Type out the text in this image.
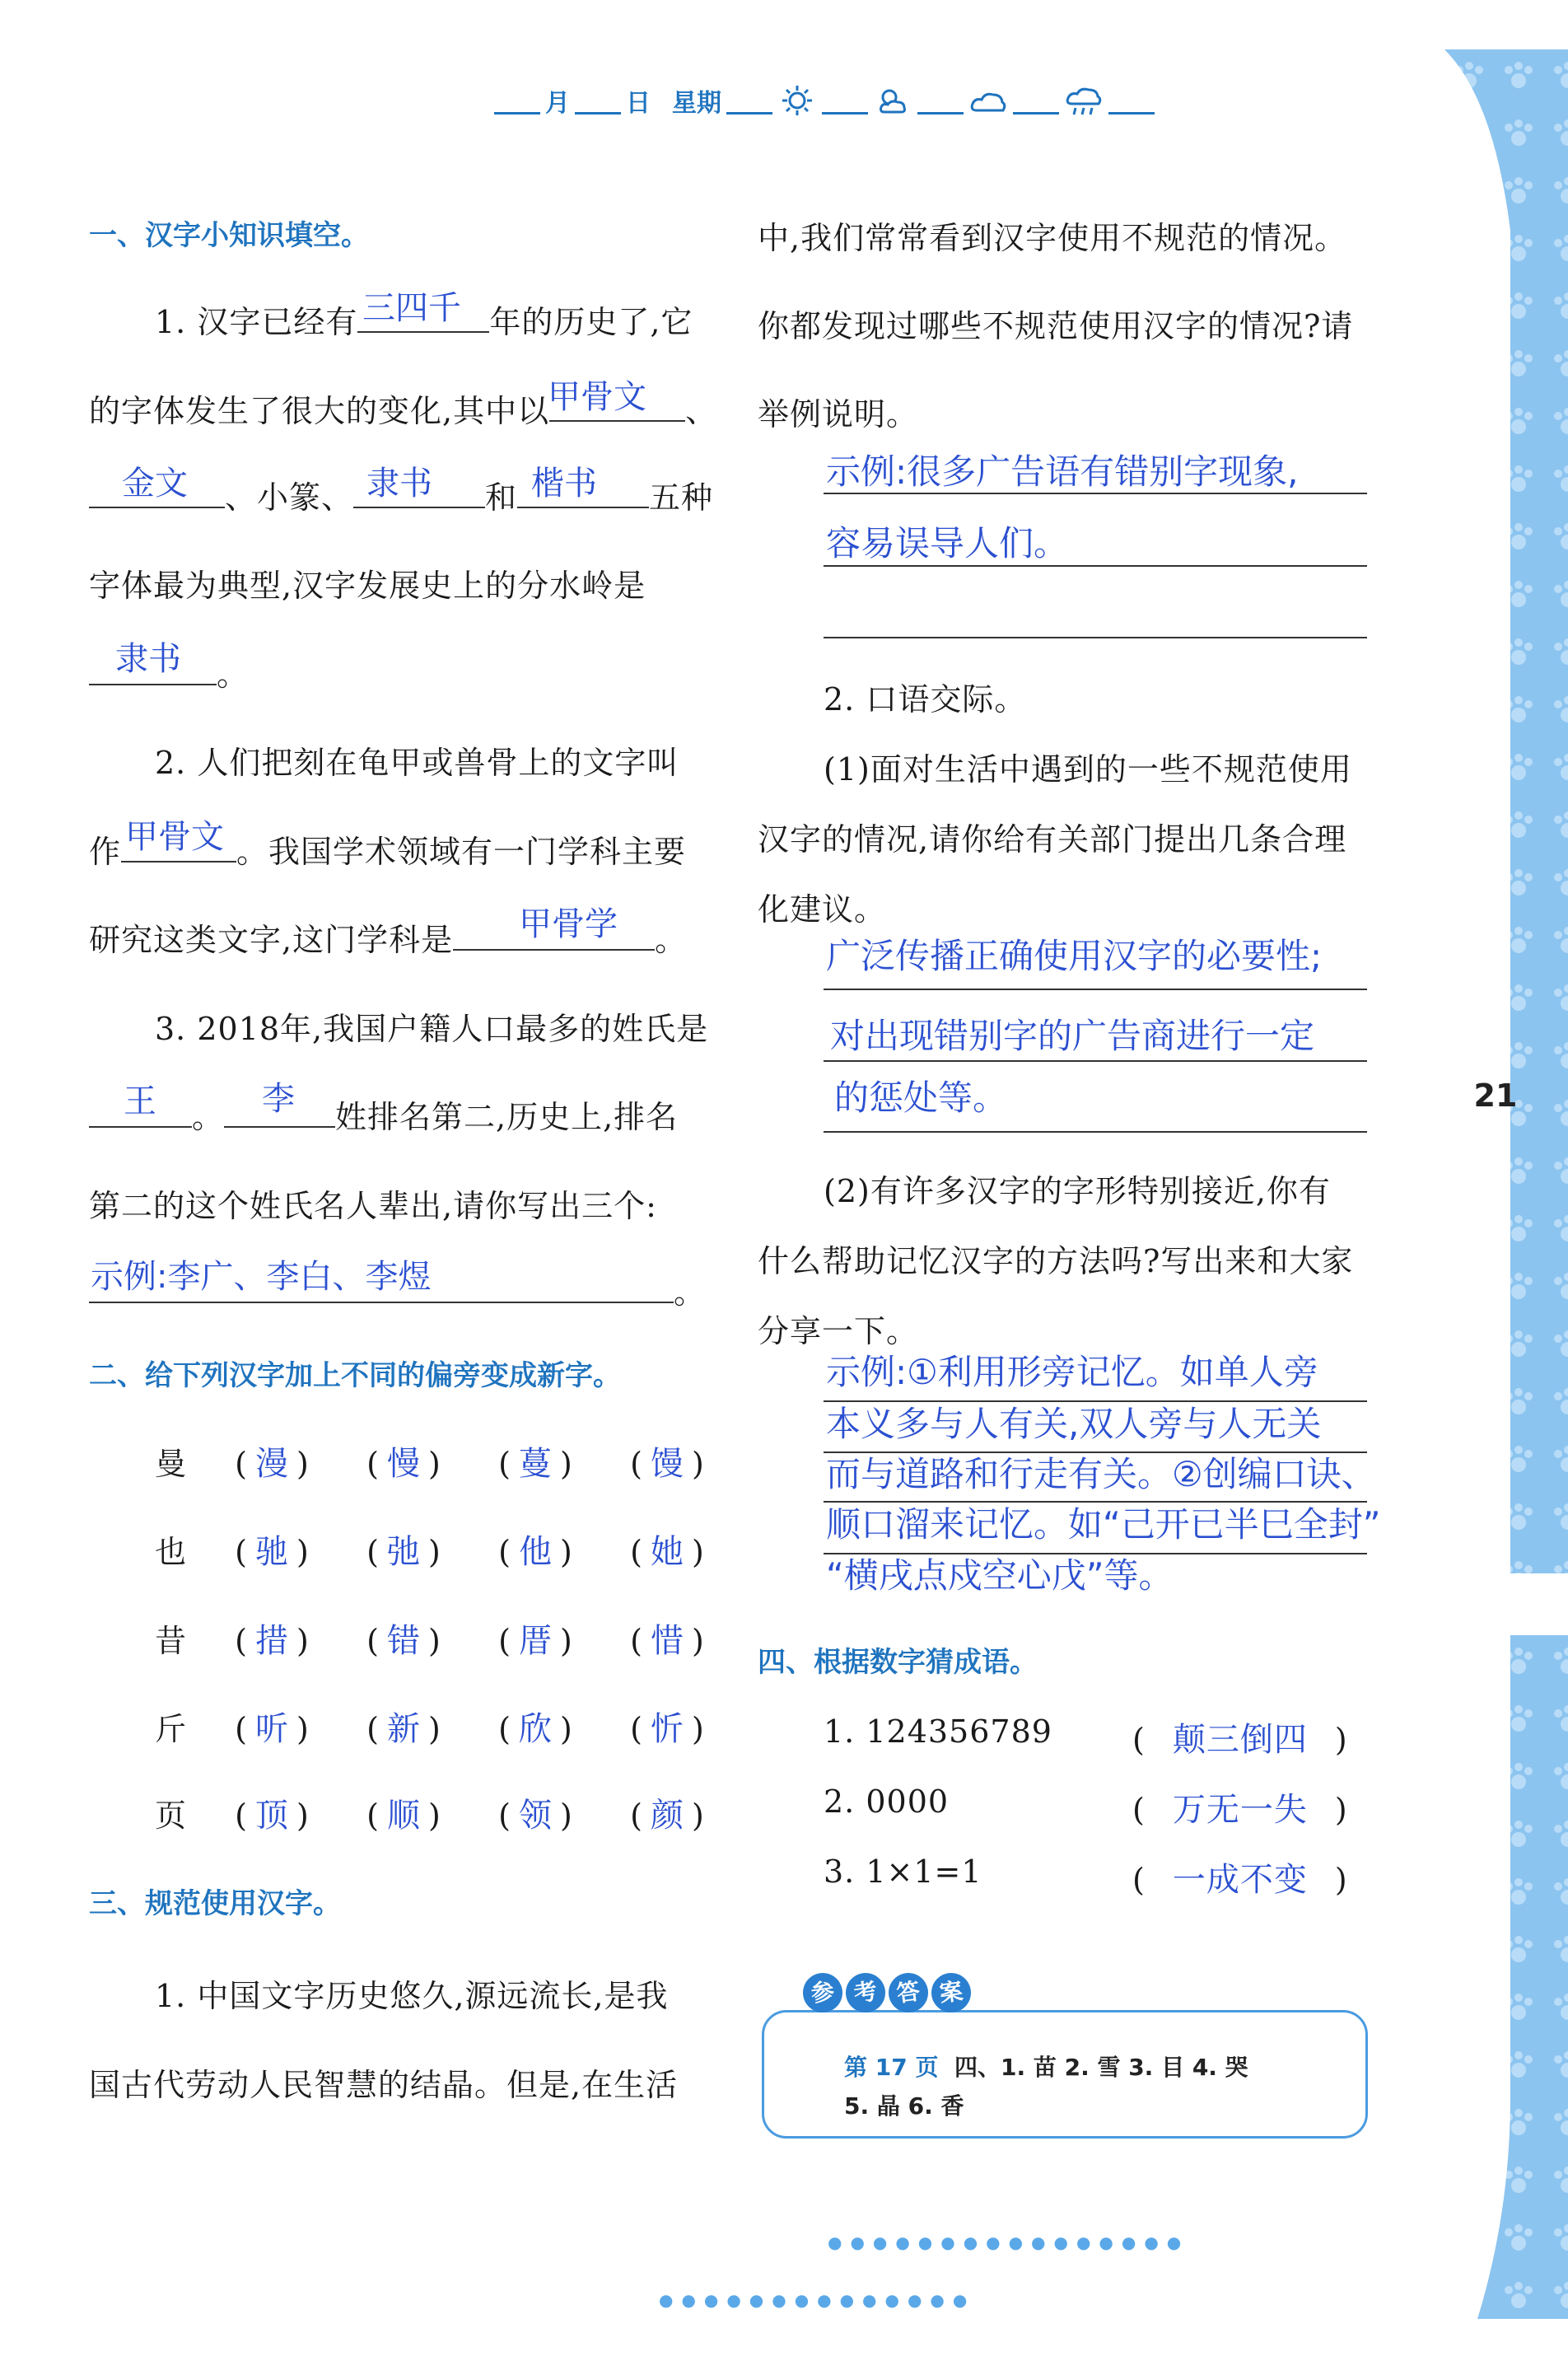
月 日 星期
21
一、汉字小知识填空。
1. 汉字已经有	年的历史了,它
三四千
的字体发生了很大的变化,其中以	、
甲骨文
、小篆、	和	五种
金文	隶书	楷书
字体最为典型,汉字发展史上的分水岭是
。
隶书
2. 人们把刻在龟甲或兽骨上的文字叫
作	。我国学术领域有一门学科主要
甲骨文
研究这类文字,这门学科是	。
甲骨学
3. 2018年,我国户籍人口最多的姓氏是
。	姓排名第二,历史上,排名
王	李
第二的这个姓氏名人辈出,请你写出三个:
。
示例:李广、李白、李煜
二、给下列汉字加上不同的偏旁变成新字。
曼 ( 漫 ) ( 慢 ) ( 蔓 ) ( 馒 )
也 ( 驰 ) ( 弛 ) ( 他 ) ( 她 )
昔 ( 措 ) ( 错 ) ( 厝 ) ( 惜 )
斤 ( 听 ) ( 新 ) ( 欣 ) ( 忻 )
页 ( 顶 ) ( 顺 ) ( 领 ) ( 颜 )
三、规范使用汉字。
1. 中国文字历史悠久,源远流长,是我
国古代劳动人民智慧的结晶。但是,在生活
中,我们常常看到汉字使用不规范的情况。
你都发现过哪些不规范使用汉字的情况?请
举例说明。
示例:很多广告语有错别字现象,
容易误导人们。
2. 口语交际。
(1)面对生活中遇到的一些不规范使用
汉字的情况,请你给有关部门提出几条合理
化建议。
广泛传播正确使用汉字的必要性;
对出现错别字的广告商进行一定
的惩处等。
(2)有许多汉字的字形特别接近,你有
什么帮助记忆汉字的方法吗?写出来和大家
分享一下。
示例:①利用形旁记忆。如单人旁
本义多与人有关,双人旁与人无关
而与道路和行走有关。②创编口诀、
顺口溜来记忆。如“己开已半巳全封”
“横戌点戍空心戊”等。
四、根据数字猜成语。
1. 124356789	( 颠三倒四 )
2. 0000	( 万无一失 )
3. 1×1=1	( 一成不变 )
参 考 答 案
第 17 页 四、1. 苗 2. 雪 3. 目 4. 哭
5. 晶 6. 香
●●●●●●●●●●●●●●●●
●●●●●●●●●●●●●●
